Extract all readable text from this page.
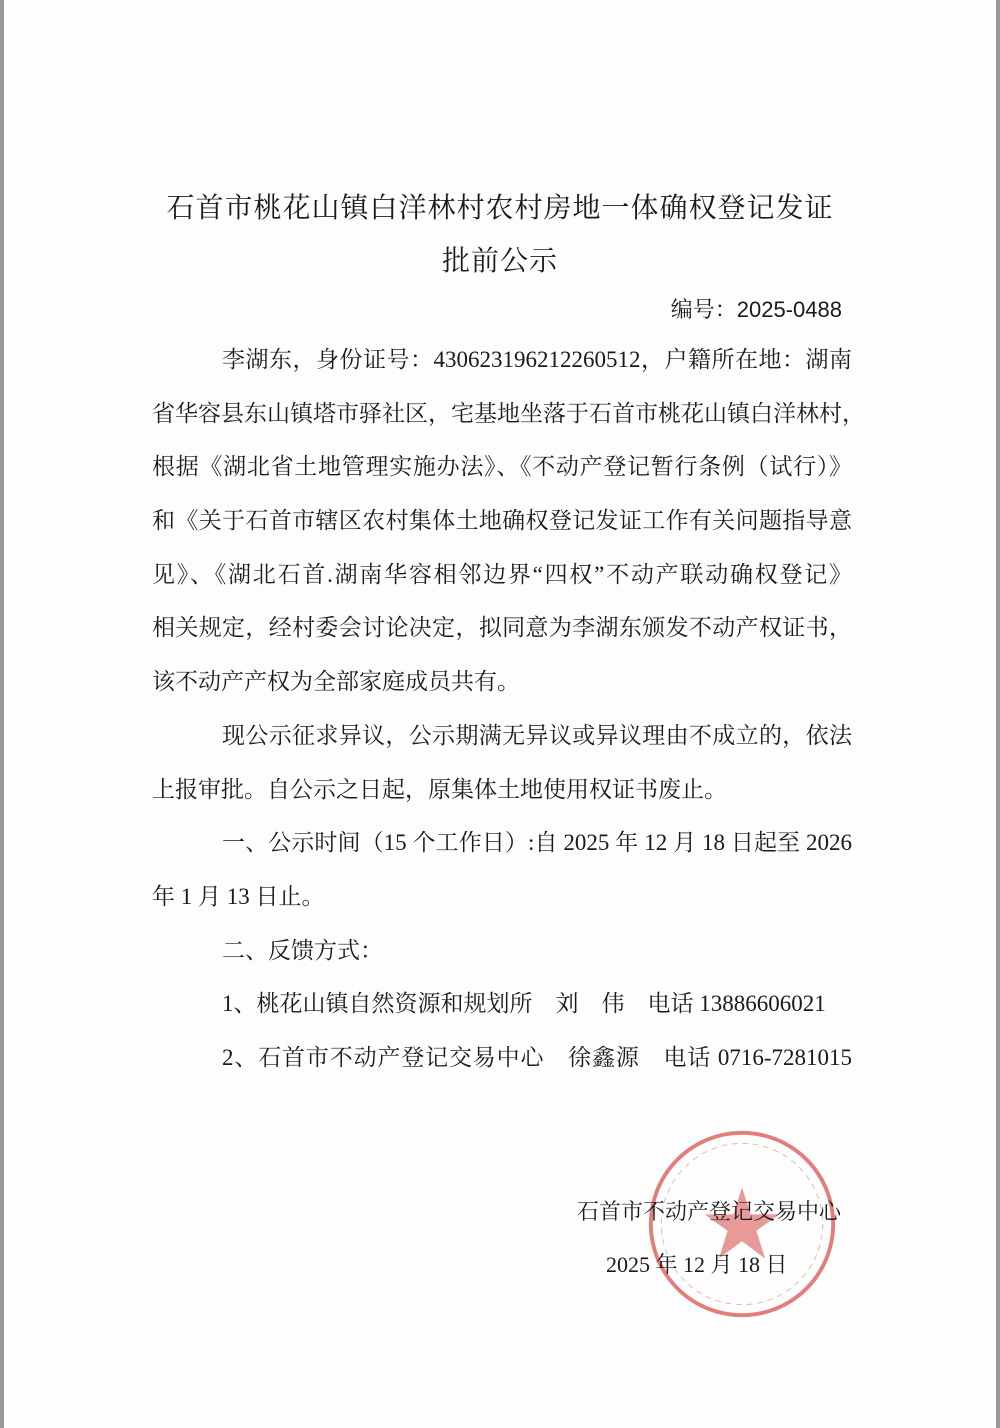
石首市桃花山镇白洋林村农村房地一体确权登记发证
批前公示
编号：2025-0488
李湖东，身份证号：430623196212260512，户籍所在地：湖南
省华容县东山镇塔市驿社区，宅基地坐落于石首市桃花山镇白洋林村，
根据《湖北省土地管理实施办法》、《不动产登记暂行条例（试行）》
和《关于石首市辖区农村集体土地确权登记发证工作有关问题指导意
见》、《湖北石首.湖南华容相邻边界“四权”不动产联动确权登记》
相关规定，经村委会讨论决定，拟同意为李湖东颁发不动产权证书，
该不动产产权为全部家庭成员共有。
现公示征求异议，公示期满无异议或异议理由不成立的，依法
上报审批。自公示之日起，原集体土地使用权证书废止。
一、公示时间（15 个工作日）:自 2025 年 12 月 18 日起至 2026
年 1 月 13 日止。
二、反馈方式：
1、桃花山镇自然资源和规划所　刘　伟　电话 13886606021
2、石首市不动产登记交易中心　徐鑫源　电话 0716-7281015
石首市不动产登记交易中心
2025 年 12 月 18 日
